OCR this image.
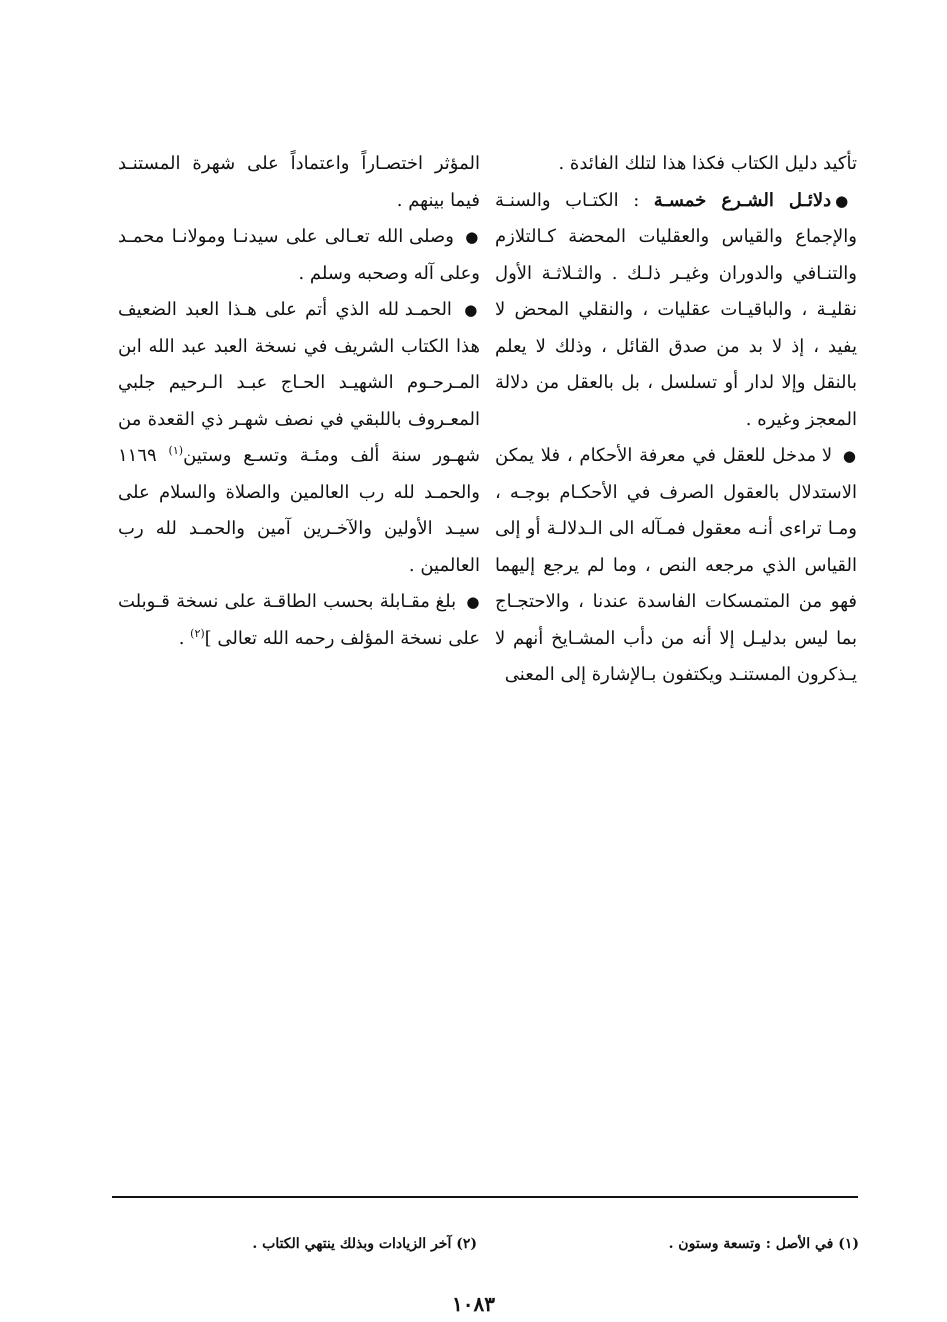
تأكيد دليل الكتاب فكذا هذا لتلك الفائدة .

●دلائـل الشـرع خمسـة : الكتـاب والسنـة والإجماع والقياس والعقليات المحضة كـالتلازم والتنـافي والدوران وغيـر ذلـك . والثـلاثـة الأول نقليـة ، والباقيـات عقليات ، والنقلي المحض لا يفيد ، إذ لا بد من صدق القائل ، وذلك لا يعلم بالنقل وإلا لدار أو تسلسل ، بل بالعقل من دلالة المعجز وغيره .

● لا مدخل للعقل في معرفة الأحكام ، فلا يمكن الاستدلال بالعقول الصرف في الأحكـام بوجـه ، ومـا تراءى أنـه معقول فمـآله الى الـدلالـة أو إلى القياس الذي مرجعه النص ، وما لم يرجع إليهما فهو من المتمسكات الفاسدة عندنا ، والاحتجـاج بما ليس بدليـل إلا أنه من دأب المشـايخ أنهم لا يـذكرون المستنـد ويكتفون بـالإشارة إلى المعنى

المؤثر اختصـاراً واعتماداً على شهرة المستنـد فيما بينهم .

● وصلى الله تعـالى على سيدنـا ومولانـا محمـد وعلى آله وصحبه وسلم .

● الحمـد لله الذي أتم على هـذا العبد الضعيف هذا الكتاب الشريف في نسخة العبد عبد الله ابن المـرحـوم الشهيـد الحـاج عبـد الـرحيم جلبي المعـروف باللبقي في نصف شهـر ذي القعدة من شهـور سنة ألف ومئـة وتسـع وستين$^{(١)}$ ١١٦٩ والحمـد لله رب العالمين والصلاة والسلام على سيـد الأولين والآخـرين آمين والحمـد لله رب العالمين .

● بلغ مقـابلة بحسب الطاقـة على نسخة قـوبلت على نسخة المؤلف رحمه الله تعالى ]$^{(٢)}$ .

(١) في الأصل : وتسعة وستون .
(٢) آخر الزيادات وبذلك ينتهي الكتاب .
١٠٨٣
